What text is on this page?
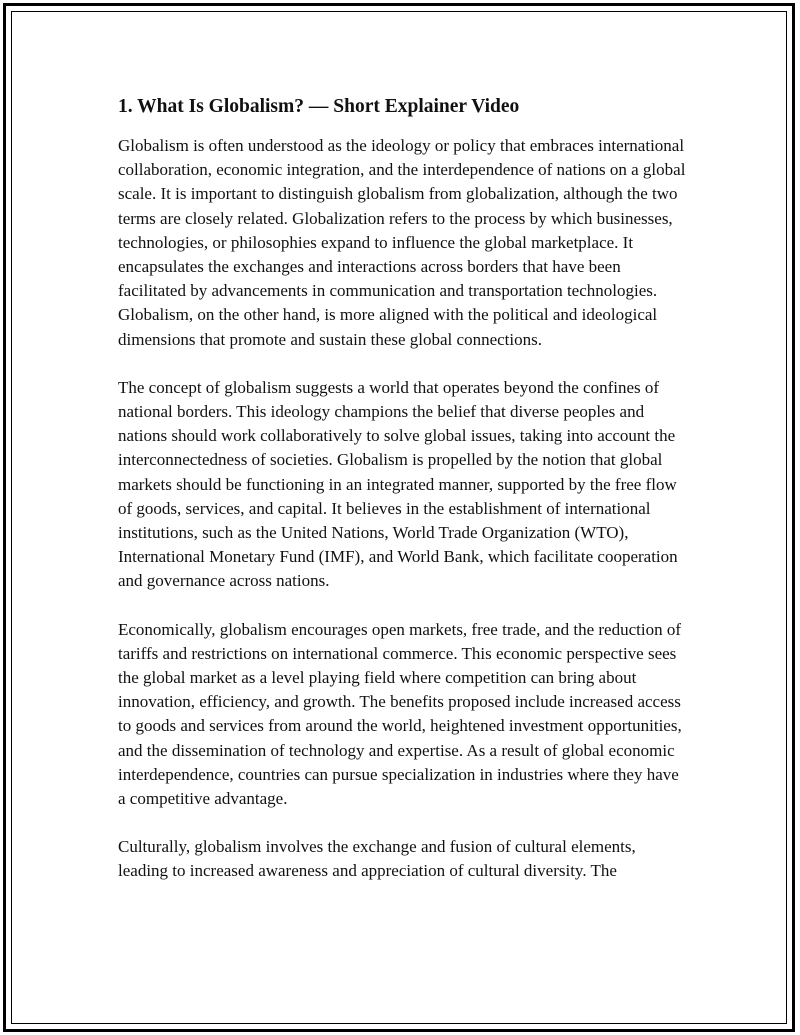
1. What Is Globalism? — Short Explainer Video

Globalism is often understood as the ideology or policy that embraces international collaboration, economic integration, and the interdependence of nations on a global scale. It is important to distinguish globalism from globalization, although the two terms are closely related. Globalization refers to the process by which businesses, technologies, or philosophies expand to influence the global marketplace. It encapsulates the exchanges and interactions across borders that have been facilitated by advancements in communication and transportation technologies. Globalism, on the other hand, is more aligned with the political and ideological dimensions that promote and sustain these global connections.

The concept of globalism suggests a world that operates beyond the confines of national borders. This ideology champions the belief that diverse peoples and nations should work collaboratively to solve global issues, taking into account the interconnectedness of societies. Globalism is propelled by the notion that global markets should be functioning in an integrated manner, supported by the free flow of goods, services, and capital. It believes in the establishment of international institutions, such as the United Nations, World Trade Organization (WTO), International Monetary Fund (IMF), and World Bank, which facilitate cooperation and governance across nations.

Economically, globalism encourages open markets, free trade, and the reduction of tariffs and restrictions on international commerce. This economic perspective sees the global market as a level playing field where competition can bring about innovation, efficiency, and growth. The benefits proposed include increased access to goods and services from around the world, heightened investment opportunities, and the dissemination of technology and expertise. As a result of global economic interdependence, countries can pursue specialization in industries where they have a competitive advantage.

Culturally, globalism involves the exchange and fusion of cultural elements, leading to increased awareness and appreciation of cultural diversity. The
